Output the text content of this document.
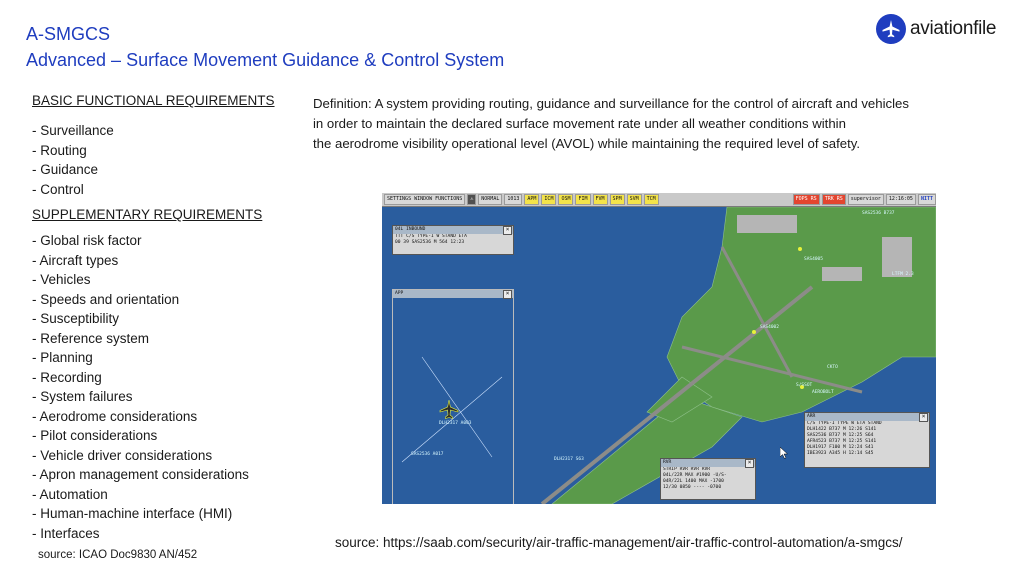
A-SMGCS
Advanced – Surface Movement Guidance & Control System
aviationfile
BASIC FUNCTIONAL REQUIREMENTS
- Surveillance
- Routing
- Guidance
- Control
SUPPLEMENTARY REQUIREMENTS
- Global risk factor
- Aircraft types
- Vehicles
- Speeds and orientation
- Susceptibility
- Reference system
- Planning
- Recording
- System failures
- Aerodrome considerations
- Pilot considerations
- Vehicle driver considerations
- Apron management considerations
- Automation
- Human-machine interface (HMI)
- Interfaces
source: ICAO Doc9830 AN/452
Definition: A system providing routing, guidance and surveillance for the control of aircraft and vehicles
in order to maintain the declared surface movement rate under all weather conditions within
the aerodrome visibility operational level (AVOL) while maintaining the required level of safety.
SETTINGS WINDOW FUNCTIONS	⚠	NORMAL	1013	APM	ICM	OSM	FIM	FVM	SPM	SVM	TCM	FOPS RS	TRK RS	supervisor	12:16:05	NITT
DLH2317 S63
SAS2536 B737
SAS4005
SAS4002
S/SSOT
AEROBOLT
LTFM 2.3
CKTO
04L INBOUND	×
TTT C/S TYPE-I W STAND ETA
00 39 SAS2536 M 564 12:23
APP	×
DLH2317 A003
SAS2536 A017
ARR	×
C/S TYPE-I TYPE W ETA STAND
DLH1422 B737 M 12:26 S141
SAS2536 B737 M 12:25 S64
AFR4523 B737 M 12:25 S141
DLH1917 F100 M 12:24 S41
IBE3923 A345 H 12:14 S45
RVR	×
STRIP RVR RVR RVR
04L/22R MAX #1900 -U/S-
04R/22L 1400 MAX -1700
12/30 0850 ---- -0700
source: https://saab.com/security/air-traffic-management/air-traffic-control-automation/a-smgcs/
